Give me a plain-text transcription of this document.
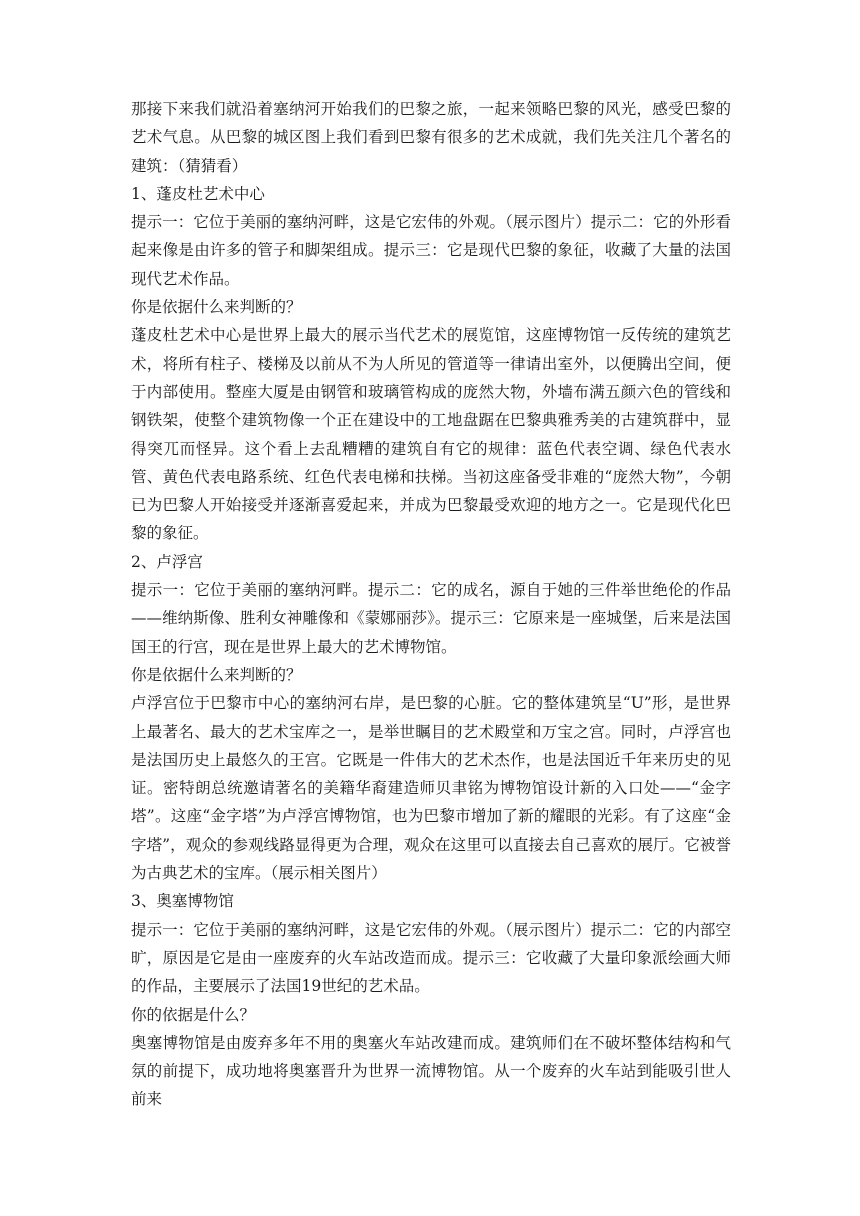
那接下来我们就沿着塞纳河开始我们的巴黎之旅，一起来领略巴黎的风光，感受巴黎的艺术气息。从巴黎的城区图上我们看到巴黎有很多的艺术成就，我们先关注几个著名的建筑：（猜猜看）

1、蓬皮杜艺术中心

提示一：它位于美丽的塞纳河畔，这是它宏伟的外观。（展示图片）提示二：它的外形看起来像是由许多的管子和脚架组成。提示三：它是现代巴黎的象征，收藏了大量的法国现代艺术作品。

你是依据什么来判断的？

蓬皮杜艺术中心是世界上最大的展示当代艺术的展览馆，这座博物馆一反传统的建筑艺术，将所有柱子、楼梯及以前从不为人所见的管道等一律请出室外，以便腾出空间，便于内部使用。整座大厦是由钢管和玻璃管构成的庞然大物，外墙布满五颜六色的管线和钢铁架，使整个建筑物像一个正在建设中的工地盘踞在巴黎典雅秀美的古建筑群中，显得突兀而怪异。这个看上去乱糟糟的建筑自有它的规律：蓝色代表空调、绿色代表水管、黄色代表电路系统、红色代表电梯和扶梯。当初这座备受非难的“庞然大物”，今朝已为巴黎人开始接受并逐渐喜爱起来，并成为巴黎最受欢迎的地方之一。它是现代化巴黎的象征。

2、卢浮宫

提示一：它位于美丽的塞纳河畔。提示二：它的成名，源自于她的三件举世绝伦的作品——维纳斯像、胜利女神雕像和《蒙娜丽莎》。提示三：它原来是一座城堡，后来是法国国王的行宫，现在是世界上最大的艺术博物馆。

你是依据什么来判断的？

卢浮宫位于巴黎市中心的塞纳河右岸，是巴黎的心脏。它的整体建筑呈“U”形，是世界上最著名、最大的艺术宝库之一，是举世瞩目的艺术殿堂和万宝之宫。同时，卢浮宫也是法国历史上最悠久的王宫。它既是一件伟大的艺术杰作，也是法国近千年来历史的见证。密特朗总统邀请著名的美籍华裔建造师贝聿铭为博物馆设计新的入口处——“金字塔”。这座“金字塔”为卢浮宫博物馆，也为巴黎市增加了新的耀眼的光彩。有了这座“金字塔”，观众的参观线路显得更为合理，观众在这里可以直接去自己喜欢的展厅。它被誉为古典艺术的宝库。（展示相关图片）

3、奥塞博物馆

提示一：它位于美丽的塞纳河畔，这是它宏伟的外观。（展示图片）提示二：它的内部空旷，原因是它是由一座废弃的火车站改造而成。提示三：它收藏了大量印象派绘画大师的作品，主要展示了法国19世纪的艺术品。

你的依据是什么？

奥塞博物馆是由废弃多年不用的奥塞火车站改建而成。建筑师们在不破坏整体结构和气氛的前提下，成功地将奥塞晋升为世界一流博物馆。从一个废弃的火车站到能吸引世人前来
